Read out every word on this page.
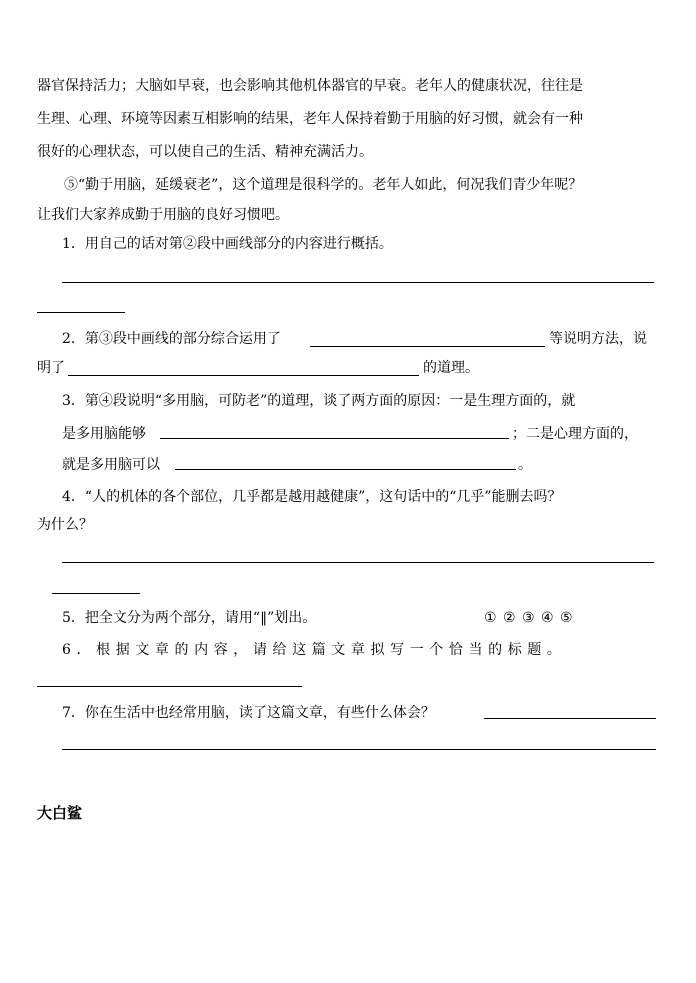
器官保持活力；大脑如早衰，也会影响其他机体器官的早衰。老年人的健康状况，往往是
生理、心理、环境等因素互相影响的结果，老年人保持着勤于用脑的好习惯，就会有一种
很好的心理状态，可以使自己的生活、精神充满活力。
⑤“勤于用脑，延缓衰老”，这个道理是很科学的。老年人如此，何况我们青少年呢？
让我们大家养成勤于用脑的良好习惯吧。
1．用自己的话对第②段中画线部分的内容进行概括。
2．第③段中画线的部分综合运用了	等说明方法，说
明了	的道理。
3．第④段说明“多用脑，可防老”的道理，谈了两方面的原因：一是生理方面的，就
是多用脑能够	；二是心理方面的，
就是多用脑可以	。
4．“人的机体的各个部位，几乎都是越用越健康”，这句话中的“几乎”能删去吗？
为什么？
5．把全文分为两个部分，请用“‖”划出。	① ② ③ ④ ⑤
6．根据文章的内容，请给这篇文章拟写一个恰当的标题。
7．你在生活中也经常用脑，读了这篇文章，有些什么体会？
大白鲨
